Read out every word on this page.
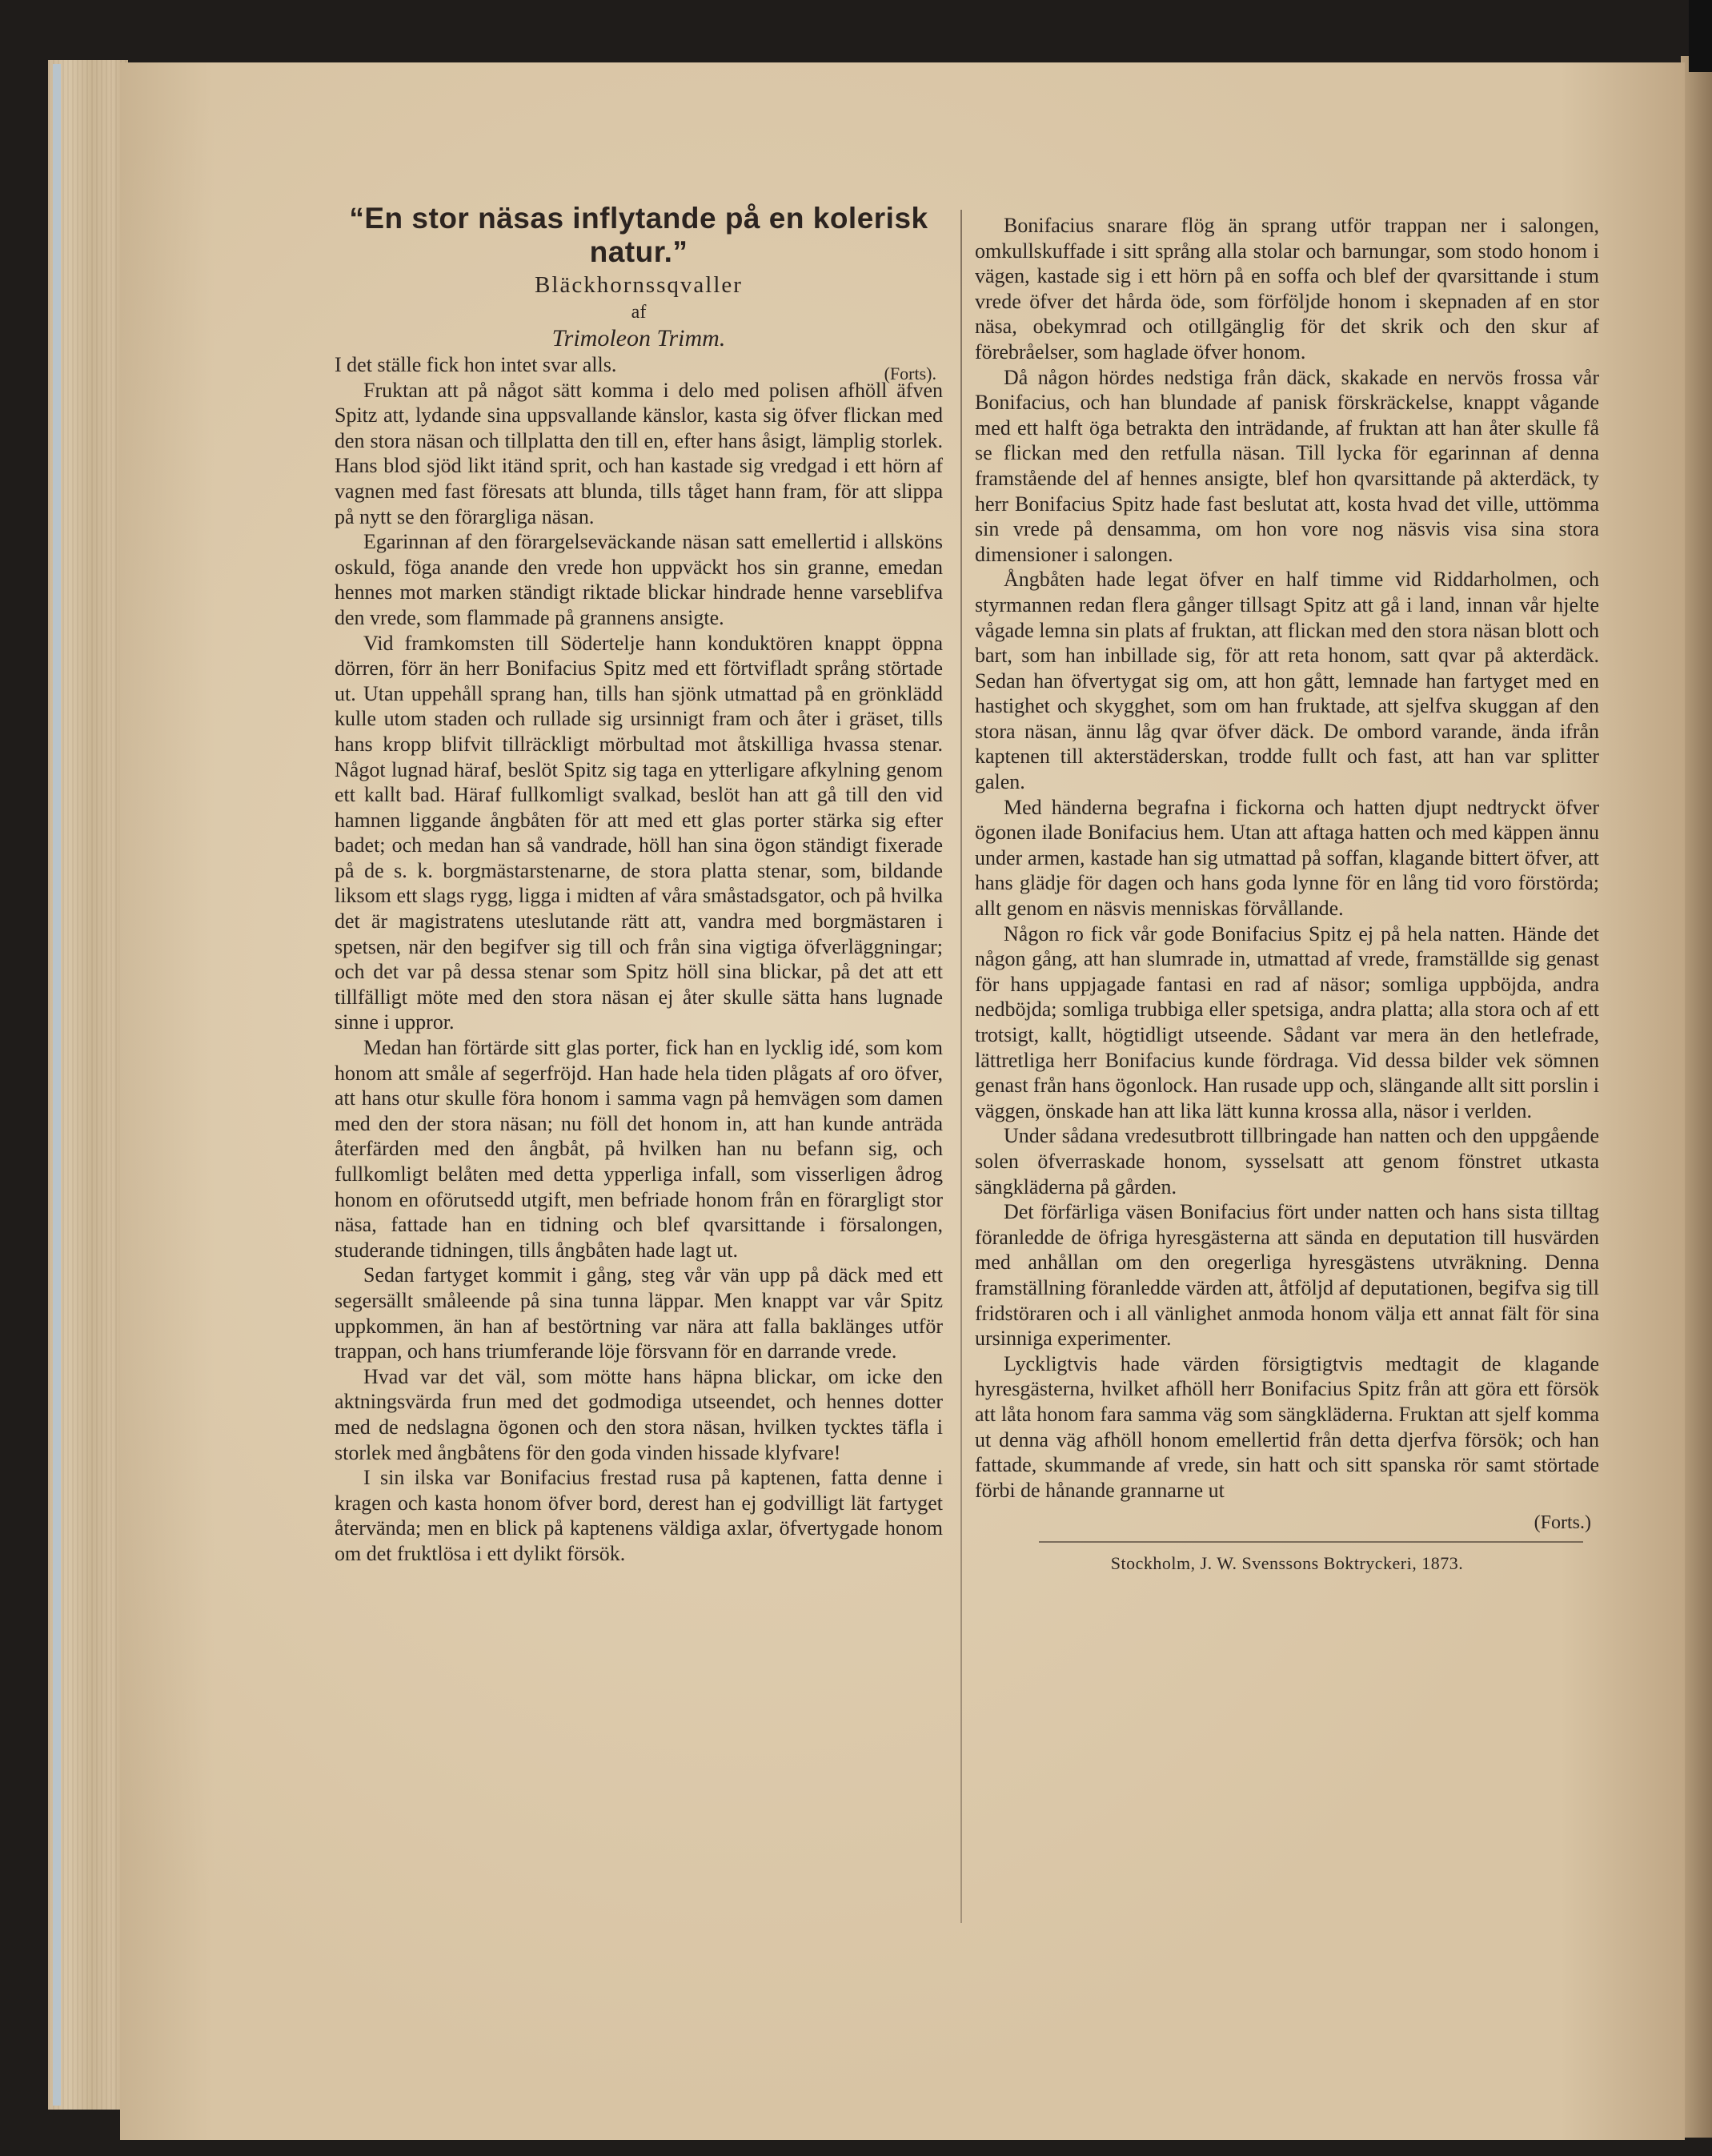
“En stor näsas inflytande på en kolerisk natur.”
Bläckhornssqvaller
af
Trimoleon Trimm.
(Forts).

I det ställe fick hon intet svar alls.

Fruktan att på något sätt komma i delo med polisen afhöll äfven Spitz att, lydande sina uppsvallande känslor, kasta sig öfver flickan med den stora näsan och tillplatta den till en, efter hans åsigt, lämplig storlek. Hans blod sjöd likt itänd sprit, och han kastade sig vredgad i ett hörn af vagnen med fast föresats att blunda, tills tåget hann fram, för att slippa på nytt se den förargliga näsan.

Egarinnan af den förargelseväckande näsan satt emellertid i allsköns oskuld, föga anande den vrede hon uppväckt hos sin granne, emedan hennes mot marken ständigt riktade blickar hindrade henne varseblifva den vrede, som flammade på grannens ansigte.

Vid framkomsten till Södertelje hann konduktören knappt öppna dörren, förr än herr Bonifacius Spitz med ett förtvifladt språng störtade ut. Utan uppehåll sprang han, tills han sjönk utmattad på en grönklädd kulle utom staden och rullade sig ursinnigt fram och åter i gräset, tills hans kropp blifvit tillräckligt mörbultad mot åtskilliga hvassa stenar. Något lugnad häraf, beslöt Spitz sig taga en ytterligare afkylning genom ett kallt bad. Häraf fullkomligt svalkad, beslöt han att gå till den vid hamnen liggande ångbåten för att med ett glas porter stärka sig efter badet; och medan han så vandrade, höll han sina ögon ständigt fixerade på de s. k. borgmästarstenarne, de stora platta stenar, som, bildande liksom ett slags rygg, ligga i midten af våra småstadsgator, och på hvilka det är magistratens uteslutande rätt att, vandra med borgmästaren i spetsen, när den begifver sig till och från sina vigtiga öfverläggningar; och det var på dessa stenar som Spitz höll sina blickar, på det att ett tillfälligt möte med den stora näsan ej åter skulle sätta hans lugnade sinne i uppror.

Medan han förtärde sitt glas porter, fick han en lycklig idé, som kom honom att småle af segerfröjd. Han hade hela tiden plågats af oro öfver, att hans otur skulle föra honom i samma vagn på hemvägen som damen med den der stora näsan; nu föll det honom in, att han kunde anträda återfärden med den ångbåt, på hvilken han nu befann sig, och fullkomligt belåten med detta ypperliga infall, som visserligen ådrog honom en oförutsedd utgift, men befriade honom från en förargligt stor näsa, fattade han en tidning och blef qvarsittande i försalongen, studerande tidningen, tills ångbåten hade lagt ut.

Sedan fartyget kommit i gång, steg vår vän upp på däck med ett segersällt småleende på sina tunna läppar. Men knappt var vår Spitz uppkommen, än han af bestörtning var nära att falla baklänges utför trappan, och hans triumferande löje försvann för en darrande vrede.

Hvad var det väl, som mötte hans häpna blickar, om icke den aktningsvärda frun med det godmodiga utseendet, och hennes dotter med de nedslagna ögonen och den stora näsan, hvilken tycktes täfla i storlek med ångbåtens för den goda vinden hissade klyfvare!

I sin ilska var Bonifacius frestad rusa på kaptenen, fatta denne i kragen och kasta honom öfver bord, derest han ej godvilligt lät fartyget återvända; men en blick på kaptenens väldiga axlar, öfvertygade honom om det fruktlösa i ett dylikt försök.

Bonifacius snarare flög än sprang utför trappan ner i salongen, omkullskuffade i sitt språng alla stolar och barnungar, som stodo honom i vägen, kastade sig i ett hörn på en soffa och blef der qvarsittande i stum vrede öfver det hårda öde, som förföljde honom i skepnaden af en stor näsa, obekymrad och otillgänglig för det skrik och den skur af förebråelser, som haglade öfver honom.

Då någon hördes nedstiga från däck, skakade en nervös frossa vår Bonifacius, och han blundade af panisk förskräckelse, knappt vågande med ett halft öga betrakta den inträdande, af fruktan att han åter skulle få se flickan med den retfulla näsan. Till lycka för egarinnan af denna framstående del af hennes ansigte, blef hon qvarsittande på akterdäck, ty herr Bonifacius Spitz hade fast beslutat att, kosta hvad det ville, uttömma sin vrede på densamma, om hon vore nog näsvis visa sina stora dimensioner i salongen.

Ångbåten hade legat öfver en half timme vid Riddarholmen, och styrmannen redan flera gånger tillsagt Spitz att gå i land, innan vår hjelte vågade lemna sin plats af fruktan, att flickan med den stora näsan blott och bart, som han inbillade sig, för att reta honom, satt qvar på akterdäck. Sedan han öfvertygat sig om, att hon gått, lemnade han fartyget med en hastighet och skygghet, som om han fruktade, att sjelfva skuggan af den stora näsan, ännu låg qvar öfver däck. De ombord varande, ända ifrån kaptenen till akterstäderskan, trodde fullt och fast, att han var splitter galen.

Med händerna begrafna i fickorna och hatten djupt nedtryckt öfver ögonen ilade Bonifacius hem. Utan att aftaga hatten och med käppen ännu under armen, kastade han sig utmattad på soffan, klagande bittert öfver, att hans glädje för dagen och hans goda lynne för en lång tid voro förstörda; allt genom en näsvis menniskas förvållande.

Någon ro fick vår gode Bonifacius Spitz ej på hela natten. Hände det någon gång, att han slumrade in, utmattad af vrede, framställde sig genast för hans uppjagade fantasi en rad af näsor; somliga uppböjda, andra nedböjda; somliga trubbiga eller spetsiga, andra platta; alla stora och af ett trotsigt, kallt, högtidligt utseende. Sådant var mera än den hetlefrade, lättretliga herr Bonifacius kunde fördraga. Vid dessa bilder vek sömnen genast från hans ögonlock. Han rusade upp och, slängande allt sitt porslin i väggen, önskade han att lika lätt kunna krossa alla, näsor i verlden.

Under sådana vredesutbrott tillbringade han natten och den uppgående solen öfverraskade honom, sysselsatt att genom fönstret utkasta sängkläderna på gården.

Det förfärliga väsen Bonifacius fört under natten och hans sista tilltag föranledde de öfriga hyresgästerna att sända en deputation till husvärden med anhållan om den oregerliga hyresgästens utvräkning. Denna framställning föranledde värden att, åtföljd af deputationen, begifva sig till fridstöraren och i all vänlighet anmoda honom välja ett annat fält för sina ursinniga experimenter.

Lyckligtvis hade värden försigtigtvis medtagit de klagande hyresgästerna, hvilket afhöll herr Bonifacius Spitz från att göra ett försök att låta honom fara samma väg som sängkläderna. Fruktan att sjelf komma ut denna väg afhöll honom emellertid från detta djerfva försök; och han fattade, skummande af vrede, sin hatt och sitt spanska rör samt störtade förbi de hånande grannarne ut

(Forts.)
Stockholm, J. W. Svenssons Boktryckeri, 1873.
